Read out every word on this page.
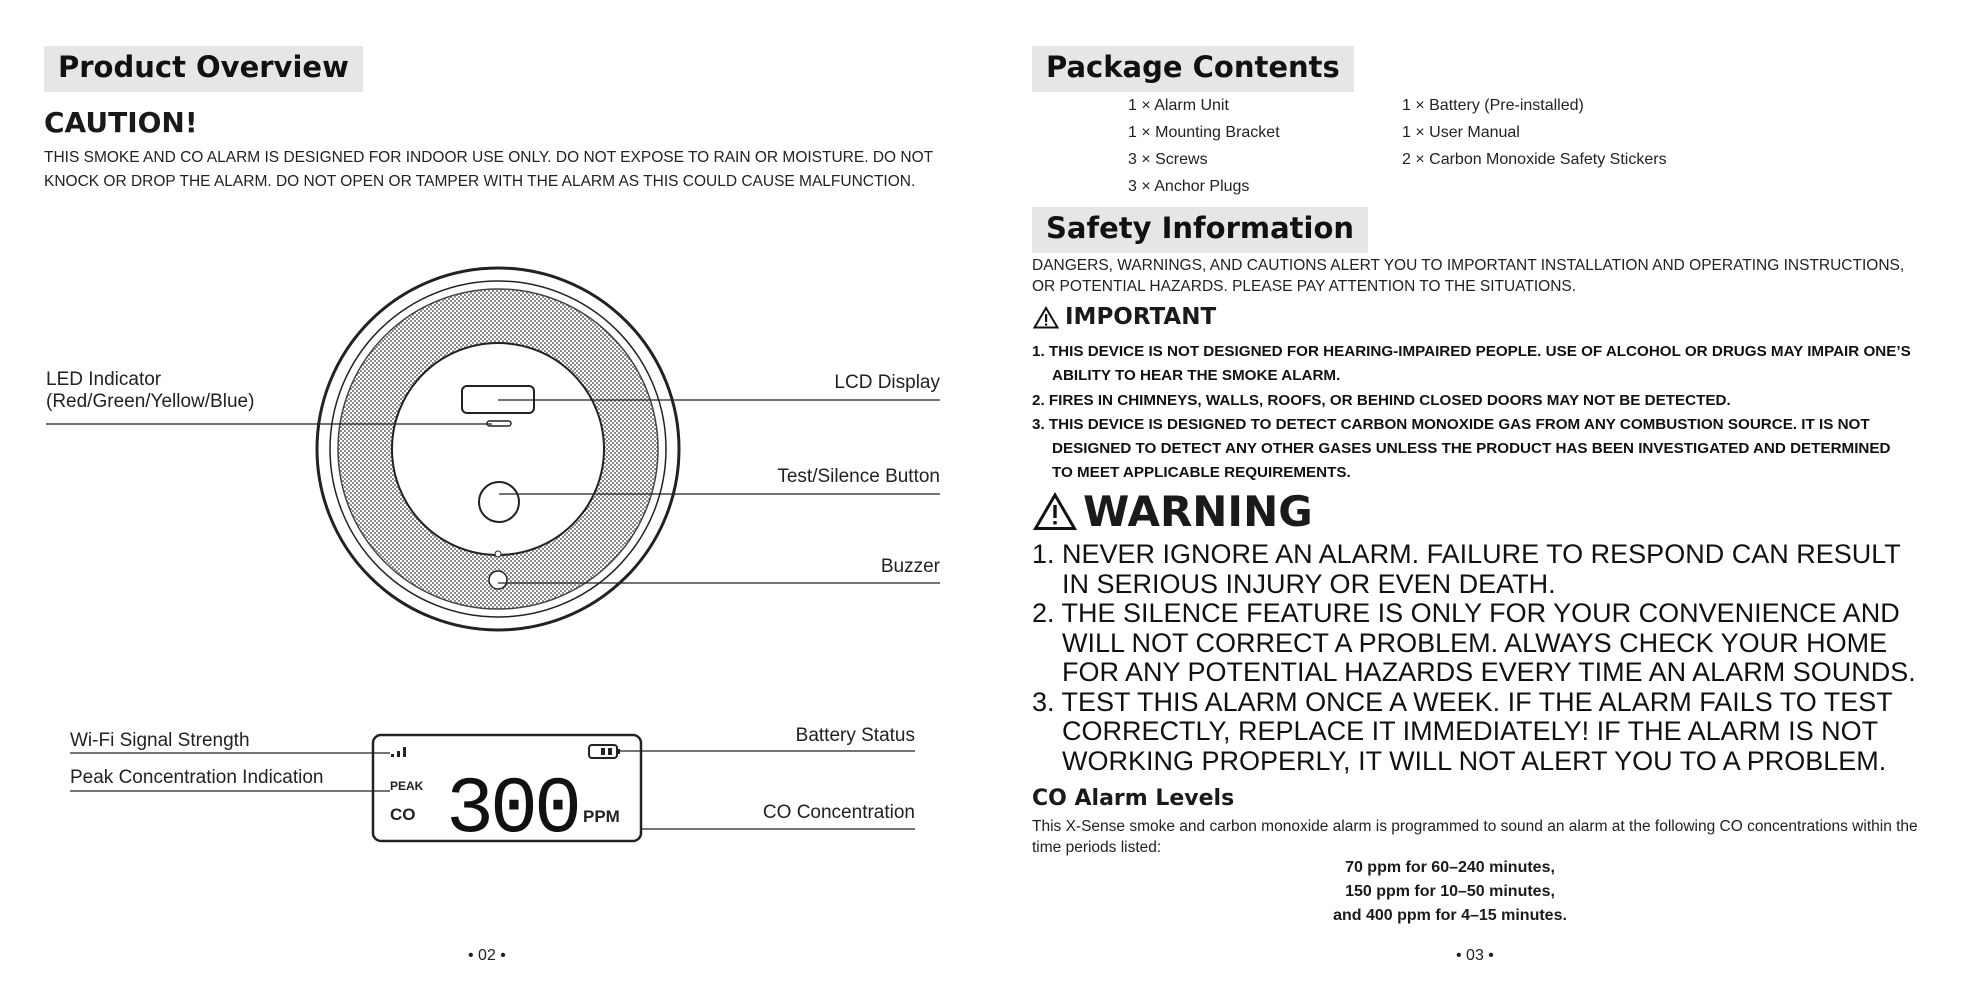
Product Overview
CAUTION!
THIS SMOKE AND CO ALARM IS DESIGNED FOR INDOOR USE ONLY. DO NOT EXPOSE TO RAIN OR MOISTURE. DO NOT KNOCK OR DROP THE ALARM. DO NOT OPEN OR TAMPER WITH THE ALARM AS THIS COULD CAUSE MALFUNCTION.
LED Indicator
(Red/Green/Yellow/Blue)
LCD Display
Test/Silence Button
Buzzer
PEAK
CO 300 PPM
Wi-Fi Signal Strength
Peak Concentration Indication
Battery Status
CO Concentration
• 02 •
Package Contents
1 × Alarm Unit
1 × Mounting Bracket
3 × Screws
3 × Anchor Plugs
1 × Battery (Pre-installed)
1 × User Manual
2 × Carbon Monoxide Safety Stickers
Safety Information
DANGERS, WARNINGS, AND CAUTIONS ALERT YOU TO IMPORTANT INSTALLATION AND OPERATING INSTRUCTIONS, OR POTENTIAL HAZARDS. PLEASE PAY ATTENTION TO THE SITUATIONS.
IMPORTANT
1. THIS DEVICE IS NOT DESIGNED FOR HEARING-IMPAIRED PEOPLE. USE OF ALCOHOL OR DRUGS MAY IMPAIR ONE’S ABILITY TO HEAR THE SMOKE ALARM.
2. FIRES IN CHIMNEYS, WALLS, ROOFS, OR BEHIND CLOSED DOORS MAY NOT BE DETECTED.
3. THIS DEVICE IS DESIGNED TO DETECT CARBON MONOXIDE GAS FROM ANY COMBUSTION SOURCE. IT IS NOT DESIGNED TO DETECT ANY OTHER GASES UNLESS THE PRODUCT HAS BEEN INVESTIGATED AND DETERMINED TO MEET APPLICABLE REQUIREMENTS.
WARNING
1. NEVER IGNORE AN ALARM. FAILURE TO RESPOND CAN RESULT IN SERIOUS INJURY OR EVEN DEATH.
2. THE SILENCE FEATURE IS ONLY FOR YOUR CONVENIENCE AND WILL NOT CORRECT A PROBLEM. ALWAYS CHECK YOUR HOME FOR ANY POTENTIAL HAZARDS EVERY TIME AN ALARM SOUNDS.
3. TEST THIS ALARM ONCE A WEEK. IF THE ALARM FAILS TO TEST CORRECTLY, REPLACE IT IMMEDIATELY! IF THE ALARM IS NOT WORKING PROPERLY, IT WILL NOT ALERT YOU TO A PROBLEM.
CO Alarm Levels
This X-Sense smoke and carbon monoxide alarm is programmed to sound an alarm at the following CO concentrations within the time periods listed:
70 ppm for 60–240 minutes,
150 ppm for 10–50 minutes,
and 400 ppm for 4–15 minutes.
• 03 •
